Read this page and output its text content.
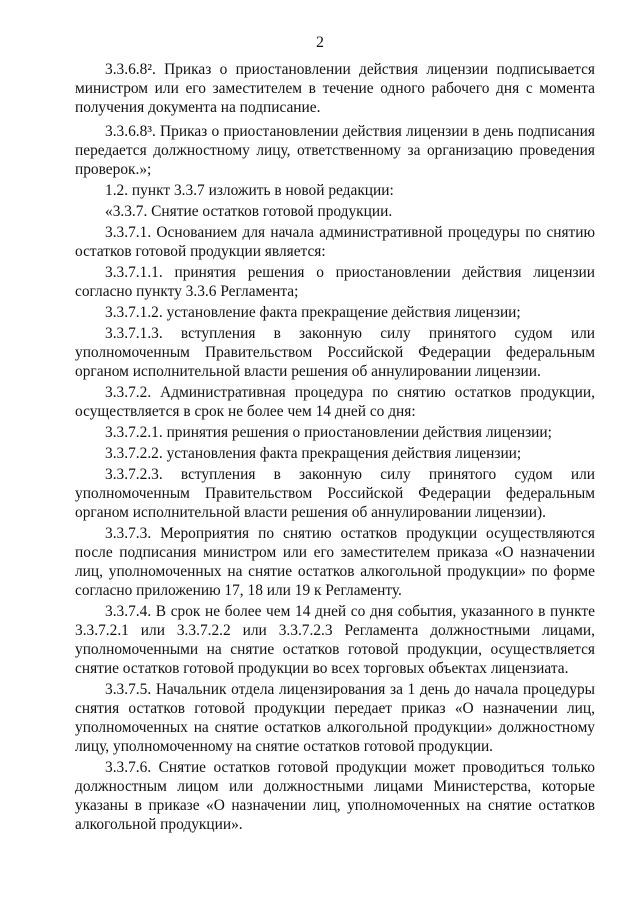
2

3.3.6.8². Приказ о приостановлении действия лицензии подписывается министром или его заместителем в течение одного рабочего дня с момента получения документа на подписание.

3.3.6.8³. Приказ о приостановлении действия лицензии в день подписания передается должностному лицу, ответственному за организацию проведения проверок.»;

1.2. пункт 3.3.7 изложить в новой редакции:

«3.3.7. Снятие остатков готовой продукции.

3.3.7.1. Основанием для начала административной процедуры по снятию остатков готовой продукции является:

3.3.7.1.1. принятия решения о приостановлении действия лицензии согласно пункту 3.3.6 Регламента;

3.3.7.1.2. установление факта прекращение действия лицензии;

3.3.7.1.3. вступления в законную силу принятого судом или уполномоченным Правительством Российской Федерации федеральным органом исполнительной власти решения об аннулировании лицензии.

3.3.7.2. Административная процедура по снятию остатков продукции, осуществляется в срок не более чем 14 дней со дня:

3.3.7.2.1. принятия решения о приостановлении действия лицензии;

3.3.7.2.2. установления факта прекращения действия лицензии;

3.3.7.2.3. вступления в законную силу принятого судом или уполномоченным Правительством Российской Федерации федеральным органом исполнительной власти решения об аннулировании лицензии).

3.3.7.3. Мероприятия по снятию остатков продукции осуществляются после подписания министром или его заместителем приказа «О назначении лиц, уполномоченных на снятие остатков алкогольной продукции» по форме согласно приложению 17, 18 или 19 к Регламенту.

3.3.7.4. В срок не более чем 14 дней со дня события, указанного в пункте 3.3.7.2.1 или 3.3.7.2.2 или 3.3.7.2.3 Регламента должностными лицами, уполномоченными на снятие остатков готовой продукции, осуществляется снятие остатков готовой продукции во всех торговых объектах лицензиата.

3.3.7.5. Начальник отдела лицензирования за 1 день до начала процедуры снятия остатков готовой продукции передает приказ «О назначении лиц, уполномоченных на снятие остатков алкогольной продукции» должностному лицу, уполномоченному на снятие остатков готовой продукции.

3.3.7.6. Снятие остатков готовой продукции может проводиться только должностным лицом или должностными лицами Министерства, которые указаны в приказе «О назначении лиц, уполномоченных на снятие остатков алкогольной продукции».
